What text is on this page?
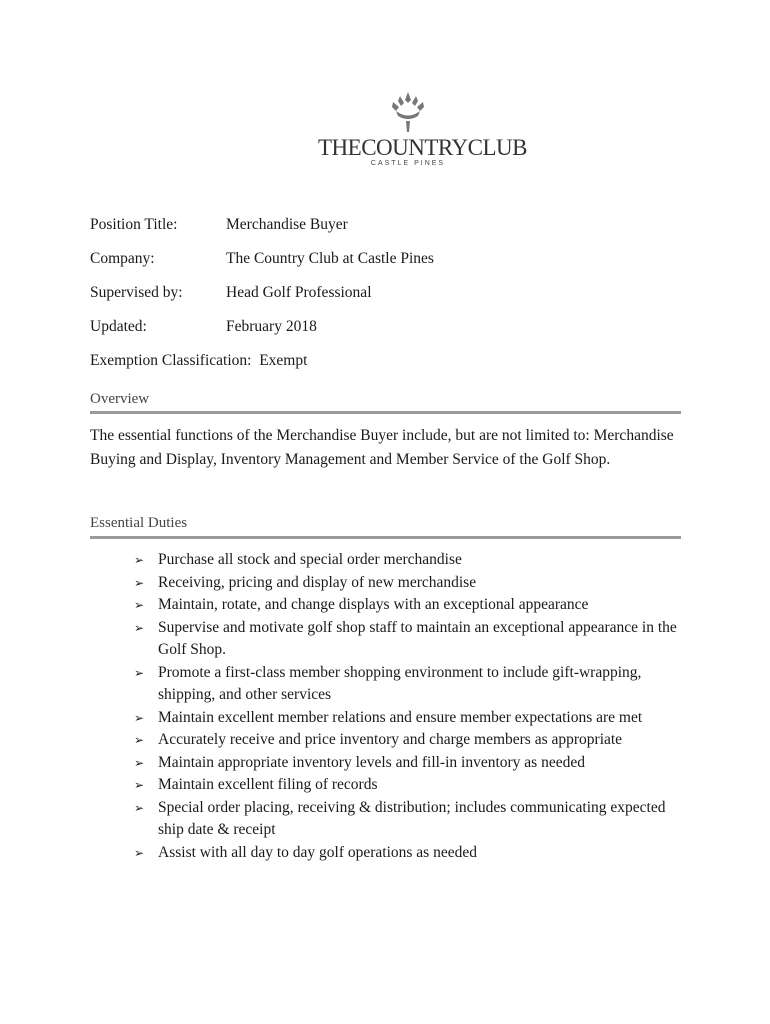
THECOUNTRYCLUB
CASTLE PINES
Position Title:	Merchandise Buyer
Company:	The Country Club at Castle Pines
Supervised by:	Head Golf Professional
Updated:	February 2018
Exemption Classification: Exempt
Overview
The essential functions of the Merchandise Buyer include, but are not limited to: Merchandise Buying and Display, Inventory Management and Member Service of the Golf Shop.
Essential Duties
➢ Purchase all stock and special order merchandise
➢ Receiving, pricing and display of new merchandise
➢ Maintain, rotate, and change displays with an exceptional appearance
➢ Supervise and motivate golf shop staff to maintain an exceptional appearance in the Golf Shop.
➢ Promote a first-class member shopping environment to include gift-wrapping, shipping, and other services
➢ Maintain excellent member relations and ensure member expectations are met
➢ Accurately receive and price inventory and charge members as appropriate
➢ Maintain appropriate inventory levels and fill-in inventory as needed
➢ Maintain excellent filing of records
➢ Special order placing, receiving & distribution; includes communicating expected ship date & receipt
➢ Assist with all day to day golf operations as needed
